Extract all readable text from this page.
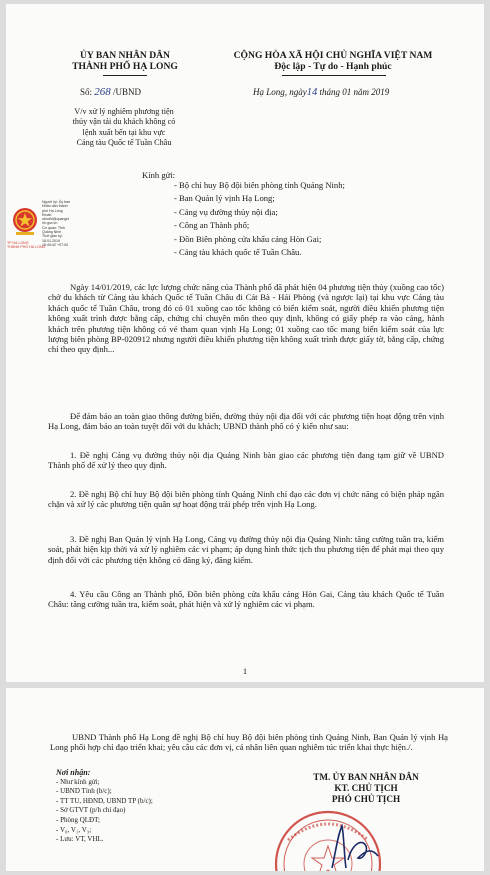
ỦY BAN NHÂN DÂN
THÀNH PHỐ HẠ LONG
CỘNG HÒA XÃ HỘI CHỦ NGHĨA VIỆT NAM
Độc lập - Tự do - Hạnh phúc
Số: 268 /UBND	Hạ Long, ngày14 tháng 01 năm 2019
V/v xử lý nghiêm phương tiện
thủy vận tải du khách không có
lệnh xuất bến tại khu vực
Cảng tàu Quốc tế Tuần Châu
Kính gửi:
- Bộ chỉ huy Bộ đội biên phòng tỉnh Quảng Ninh;
- Ban Quản lý vịnh Hạ Long;
- Cảng vụ đường thủy nội địa;
- Công an Thành phố;
- Đồn Biên phòng cửa khẩu cảng Hòn Gai;
- Cảng tàu khách quốc tế Tuần Châu.
TP HẠ LONG
THÀNH PHỐ HẠ LONG
Người ký: Ủy ban
Nhân dân thành
phố Hạ Long
Email:
ubndhl@quangni
nh.gov.vn
Cơ quan: Tỉnh
Quảng Ninh
Thời gian ký:
18.01.2019
15:49:42 +07:00
Ngày 14/01/2019, các lực lượng chức năng của Thành phố đã phát hiện 04 phương tiện thủy (xuồng cao tốc) chở du khách từ Cảng tàu khách Quốc tế Tuần Châu đi Cát Bà - Hải Phòng (và ngược lại) tại khu vực Cảng tàu khách quốc tế Tuần Châu, trong đó có 01 xuồng cao tốc không có biển kiểm soát, người điều khiển phương tiện không xuất trình được bằng cấp, chứng chỉ chuyên môn theo quy định, không có giấy phép ra vào cảng, hành khách trên phương tiện không có vé tham quan vịnh Hạ Long; 01 xuồng cao tốc mang biển kiểm soát của lực lượng biên phòng BP-020912 nhưng người điều khiển phương tiện không xuất trình được giấy tờ, bằng cấp, chứng chỉ theo quy định...
Để đảm bảo an toàn giao thông đường biển, đường thủy nội địa đối với các phương tiện hoạt động trên vịnh Hạ Long, đảm bảo an toàn tuyệt đối với du khách; UBND thành phố có ý kiến như sau:
1. Đề nghị Cảng vụ đường thủy nội địa Quảng Ninh bàn giao các phương tiện đang tạm giữ về UBND Thành phố để xử lý theo quy định.
2. Đề nghị Bộ chỉ huy Bộ đội biên phòng tỉnh Quảng Ninh chỉ đạo các đơn vị chức năng có biện pháp ngăn chặn và xử lý các phương tiện quân sự hoạt động trái phép trên vịnh Hạ Long.
3. Đề nghị Ban Quản lý vịnh Hạ Long, Cảng vụ đường thủy nội địa Quảng Ninh: tăng cường tuần tra, kiểm soát, phát hiện kịp thời và xử lý nghiêm các vi phạm; áp dụng hình thức tịch thu phương tiện để phát mại theo quy định đối với các phương tiện không có đăng ký, đăng kiểm.
4. Yêu cầu Công an Thành phố, Đồn biên phòng cửa khẩu cảng Hòn Gai, Cảng tàu khách Quốc tế Tuần Châu: tăng cường tuần tra, kiểm soát, phát hiện và xử lý nghiêm các vi phạm.
1
UBND Thành phố Hạ Long đề nghị Bộ chỉ huy Bộ đội biên phòng tỉnh Quảng Ninh, Ban Quản lý vịnh Hạ Long phối hợp chỉ đạo triển khai; yêu cầu các đơn vị, cá nhân liên quan nghiêm túc triển khai thực hiện./.
Nơi nhận:
- Như kính gửi;
- UBND Tỉnh (b/c);
- TT TU, HĐND, UBND TP (b/c);
- Sở GTVT (p/h chỉ đạo)
- Phòng QLĐT;
- V₀, V₁, V₃;
- Lưu: VT, VHL.
TM. ỦY BAN NHÂN DÂN
KT. CHỦ TỊCH
PHÓ CHỦ TỊCH
